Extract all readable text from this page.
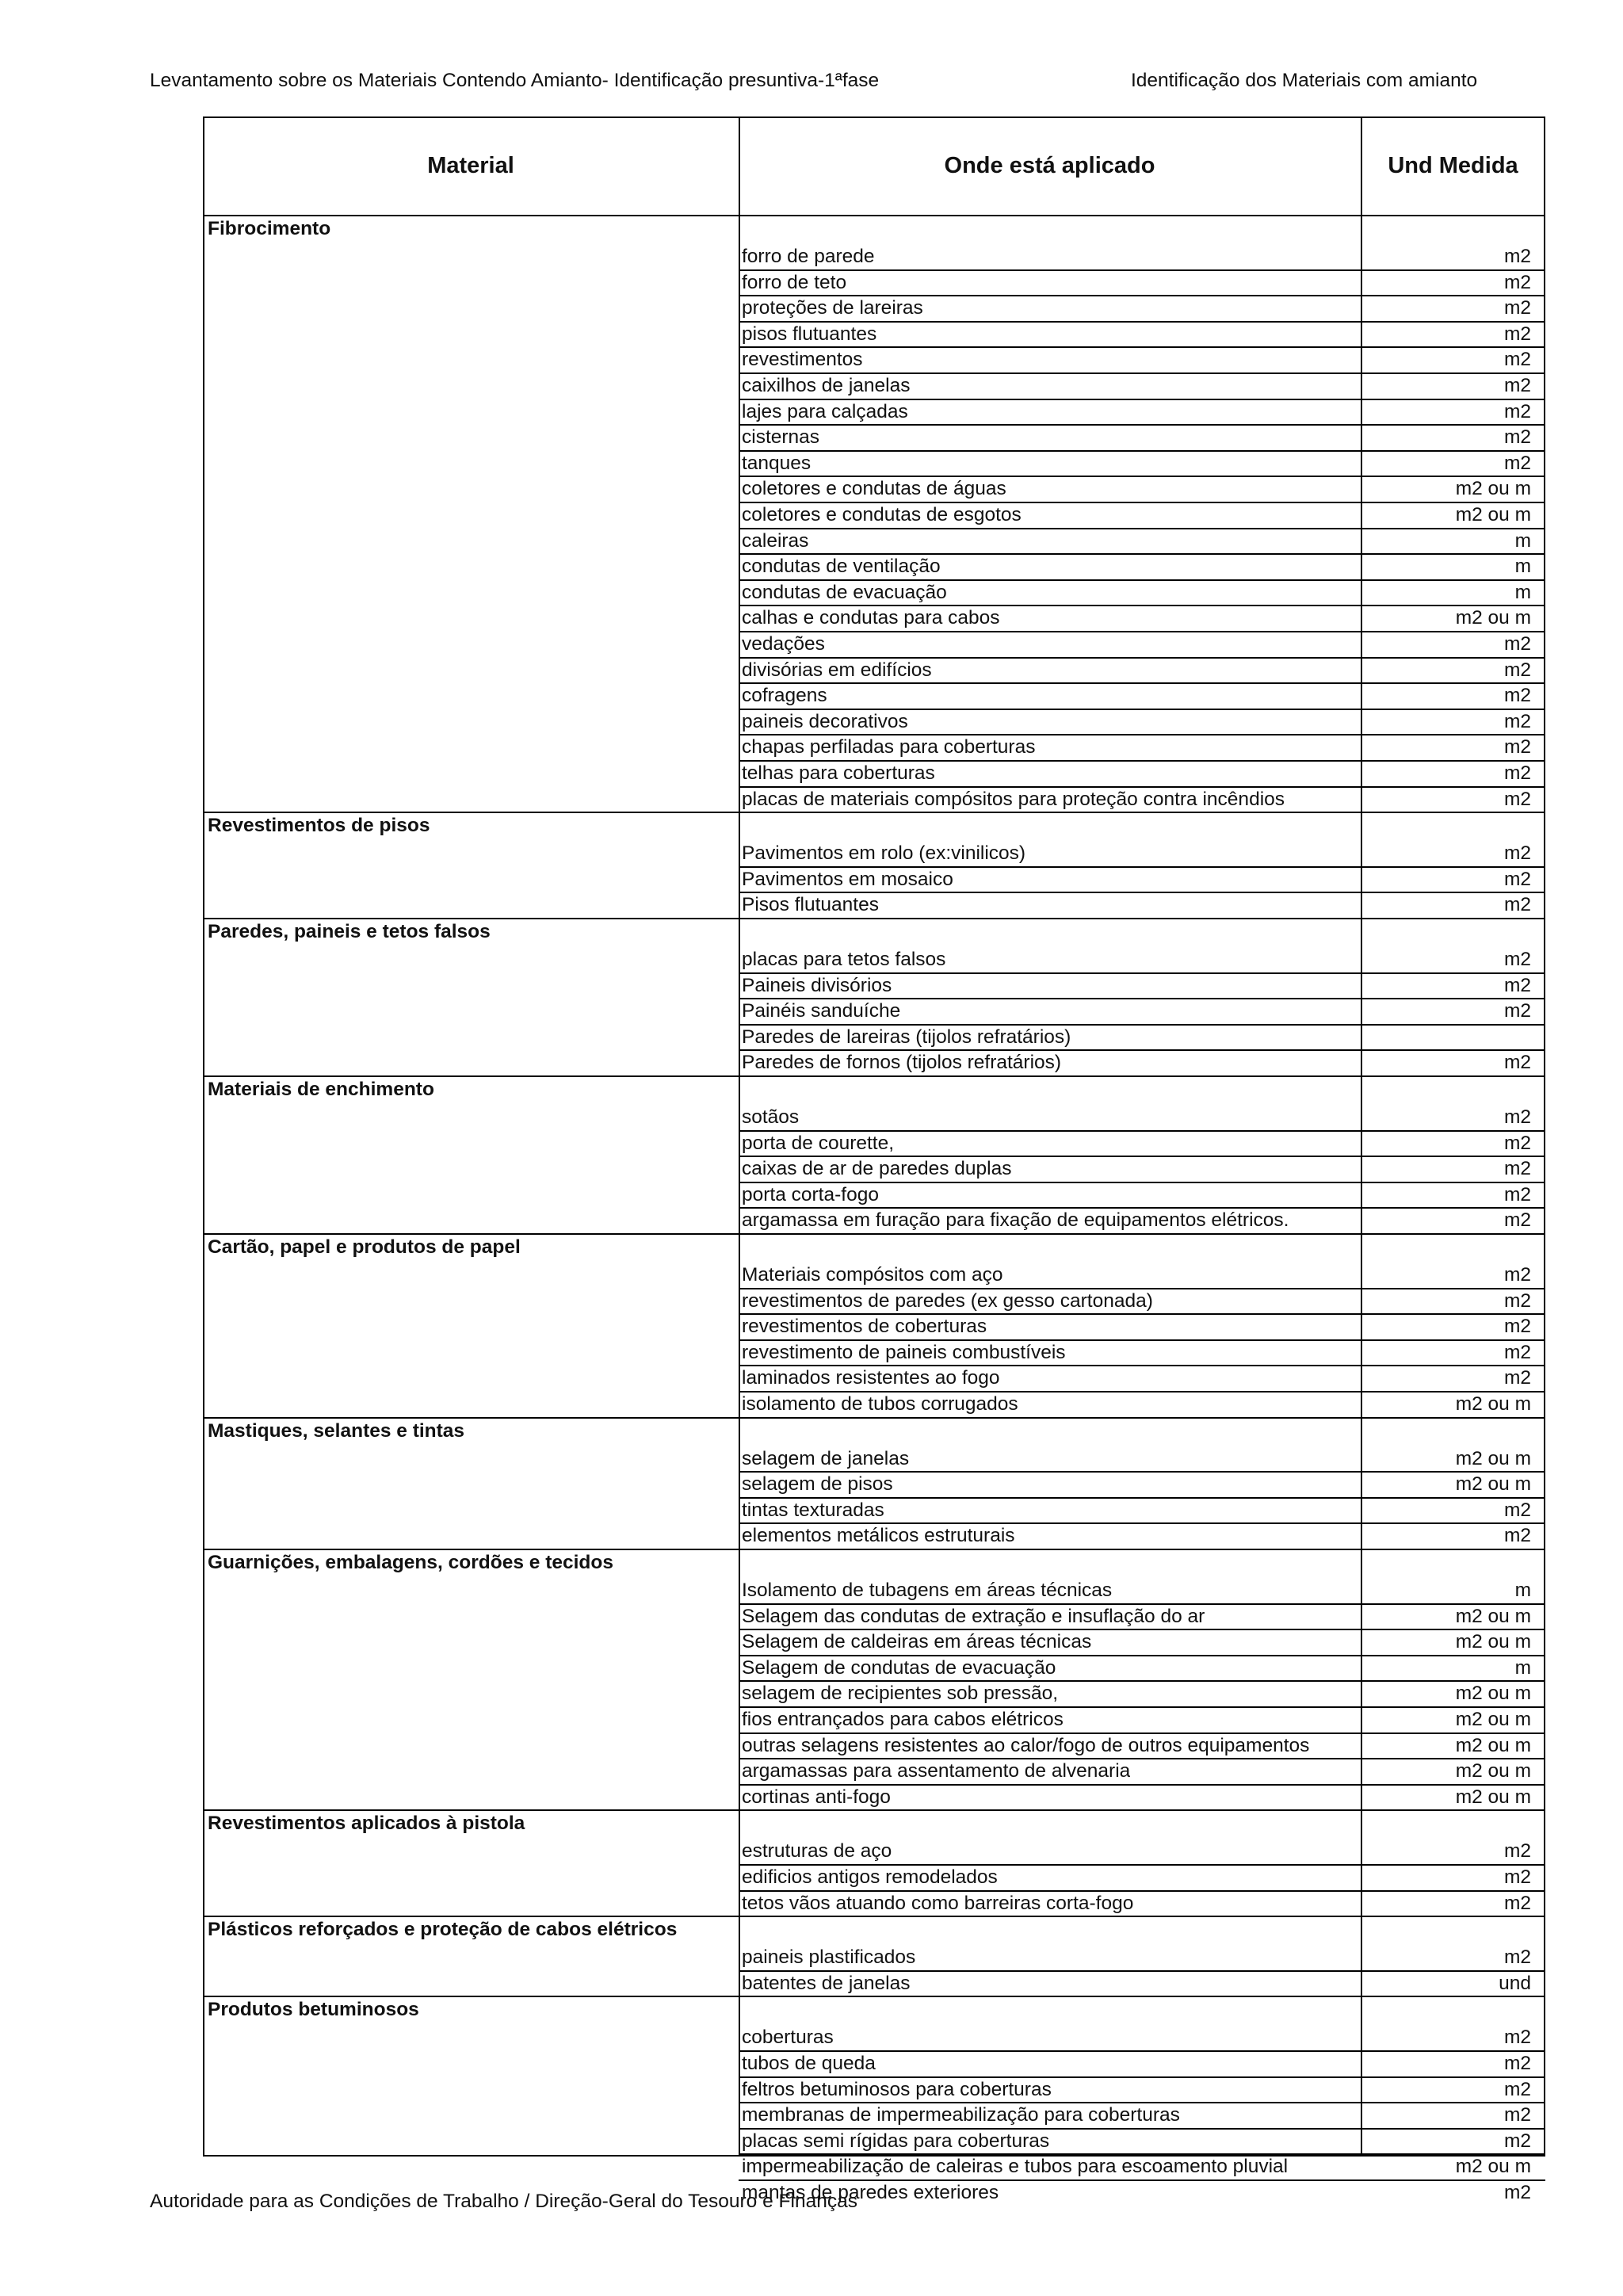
Levantamento sobre os Materiais Contendo Amianto- Identificação presuntiva-1ªfase	Identificação dos Materiais com amianto
Material	Onde está aplicado	Und Medida
Fibrocimento
forro de parede	m2
forro de teto	m2
proteções de lareiras	m2
pisos flutuantes	m2
revestimentos	m2
caixilhos de janelas	m2
lajes para calçadas	m2
cisternas	m2
tanques	m2
coletores e condutas de águas	m2 ou m
coletores e condutas de esgotos	m2 ou m
caleiras	m
condutas de ventilação	m
condutas de evacuação	m
calhas e condutas para cabos	m2 ou m
vedações	m2
divisórias em edifícios	m2
cofragens	m2
paineis decorativos	m2
chapas perfiladas para coberturas	m2
telhas para coberturas	m2
placas de materiais compósitos para proteção contra incêndios	m2
Revestimentos de pisos
Pavimentos em rolo (ex:vinilicos)	m2
Pavimentos em mosaico	m2
Pisos flutuantes	m2
Paredes, paineis e tetos falsos
placas para tetos falsos	m2
Paineis divisórios	m2
Painéis sanduíche	m2
Paredes de lareiras (tijolos refratários)
Paredes de fornos (tijolos refratários)	m2
Materiais de enchimento
sotãos	m2
porta de courette,	m2
caixas de ar de paredes duplas	m2
porta corta-fogo	m2
argamassa em furação para fixação de equipamentos elétricos.	m2
Cartão, papel e produtos de papel
Materiais compósitos com aço	m2
revestimentos de paredes (ex gesso cartonada)	m2
revestimentos de coberturas	m2
revestimento de paineis combustíveis	m2
laminados resistentes ao fogo	m2
isolamento de tubos corrugados	m2 ou m
Mastiques, selantes e tintas
selagem de janelas	m2 ou m
selagem de pisos	m2 ou m
tintas texturadas	m2
elementos metálicos estruturais	m2
Guarnições, embalagens, cordões e tecidos
Isolamento de tubagens em áreas técnicas	m
Selagem das condutas de extração e insuflação do ar	m2 ou m
Selagem de caldeiras em áreas técnicas	m2 ou m
Selagem de condutas de evacuação	m
selagem de recipientes sob pressão,	m2 ou m
fios entrançados para cabos elétricos	m2 ou m
outras selagens resistentes ao calor/fogo de outros equipamentos	m2 ou m
argamassas para assentamento de alvenaria	m2 ou m
cortinas anti-fogo	m2 ou m
Revestimentos aplicados à pistola
estruturas de aço	m2
edificios antigos remodelados	m2
tetos vãos atuando como barreiras corta-fogo	m2
Plásticos reforçados e proteção de cabos elétricos
paineis plastificados	m2
batentes de janelas	und
Produtos betuminosos
coberturas	m2
tubos de queda	m2
feltros betuminosos para coberturas	m2
membranas de impermeabilização para coberturas	m2
placas semi rígidas para coberturas	m2
impermeabilização de caleiras e tubos para escoamento pluvial	m2 ou m
mantas de paredes exteriores	m2
Autoridade para as Condições de Trabalho / Direção-Geral do Tesouro e Finanças
